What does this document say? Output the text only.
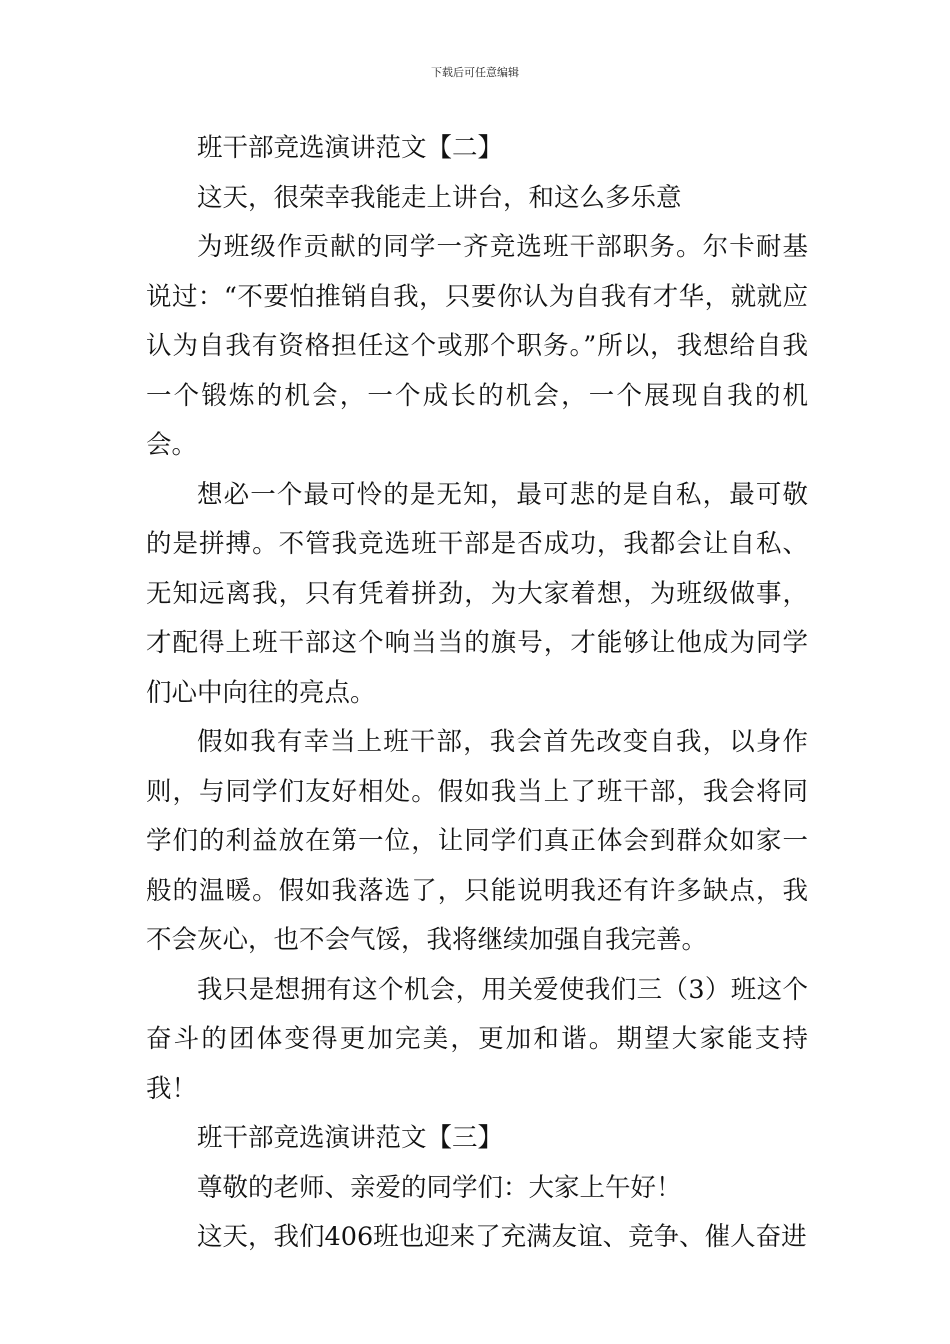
下载后可任意编辑

班干部竞选演讲范文【二】

这天，很荣幸我能走上讲台，和这么多乐意

为班级作贡献的同学一齐竞选班干部职务。尔卡耐基说过：“不要怕推销自我，只要你认为自我有才华，就就应认为自我有资格担任这个或那个职务。”所以，我想给自我一个锻炼的机会，一个成长的机会，一个展现自我的机会。

想必一个最可怜的是无知，最可悲的是自私，最可敬的是拼搏。不管我竞选班干部是否成功，我都会让自私、无知远离我，只有凭着拼劲，为大家着想，为班级做事，才配得上班干部这个响当当的旗号，才能够让他成为同学们心中向往的亮点。

假如我有幸当上班干部，我会首先改变自我，以身作则，与同学们友好相处。假如我当上了班干部，我会将同学们的利益放在第一位，让同学们真正体会到群众如家一般的温暖。假如我落选了，只能说明我还有许多缺点，我不会灰心，也不会气馁，我将继续加强自我完善。

我只是想拥有这个机会，用关爱使我们三（3）班这个奋斗的团体变得更加完美，更加和谐。期望大家能支持我！

班干部竞选演讲范文【三】

尊敬的老师、亲爱的同学们：大家上午好！

这天，我们406班也迎来了充满友谊、竞争、催人奋进
